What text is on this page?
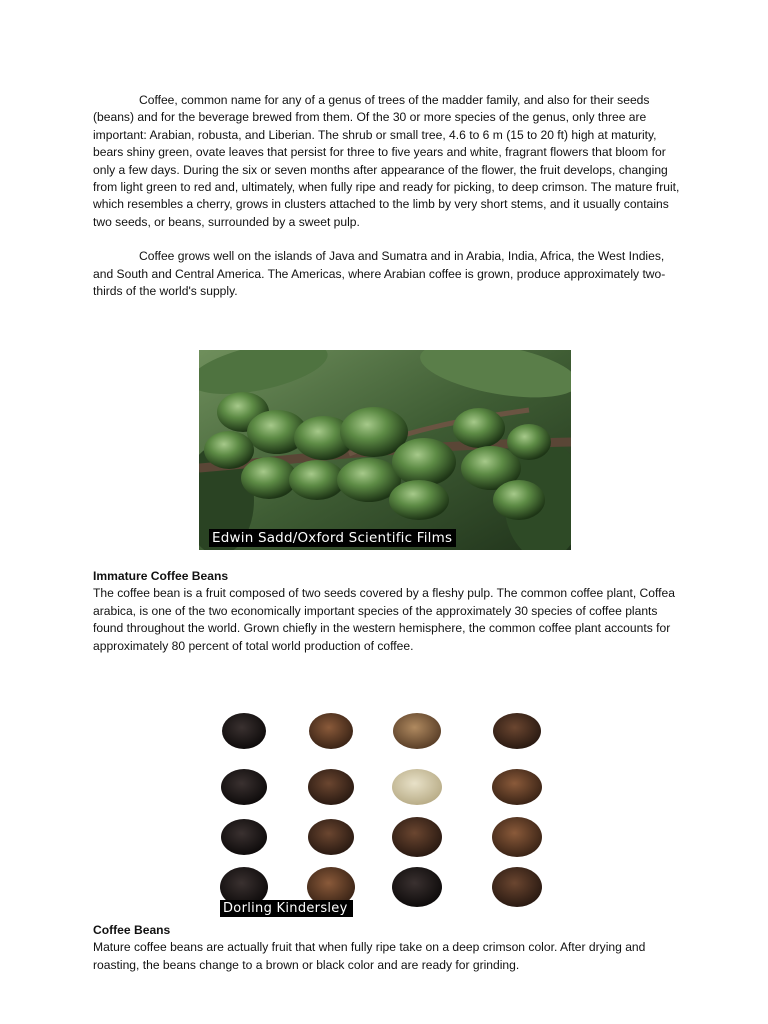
Coffee, common name for any of a genus of trees of the madder family, and also for their seeds (beans) and for the beverage brewed from them. Of the 30 or more species of the genus, only three are important: Arabian, robusta, and Liberian. The shrub or small tree, 4.6 to 6 m (15 to 20 ft) high at maturity, bears shiny green, ovate leaves that persist for three to five years and white, fragrant flowers that bloom for only a few days. During the six or seven months after appearance of the flower, the fruit develops, changing from light green to red and, ultimately, when fully ripe and ready for picking, to deep crimson. The mature fruit, which resembles a cherry, grows in clusters attached to the limb by very short stems, and it usually contains two seeds, or beans, surrounded by a sweet pulp.

Coffee grows well on the islands of Java and Sumatra and in Arabia, India, Africa, the West Indies, and South and Central America. The Americas, where Arabian coffee is grown, produce approximately two-thirds of the world's supply.

Edwin Sadd/Oxford Scientific Films

Immature Coffee Beans

The coffee bean is a fruit composed of two seeds covered by a fleshy pulp. The common coffee plant, Coffea arabica, is one of the two economically important species of the approximately 30 species of coffee plants found throughout the world. Grown chiefly in the western hemisphere, the common coffee plant accounts for approximately 80 percent of total world production of coffee.

Dorling Kindersley

Coffee Beans

Mature coffee beans are actually fruit that when fully ripe take on a deep crimson color. After drying and roasting, the beans change to a brown or black color and are ready for grinding.
